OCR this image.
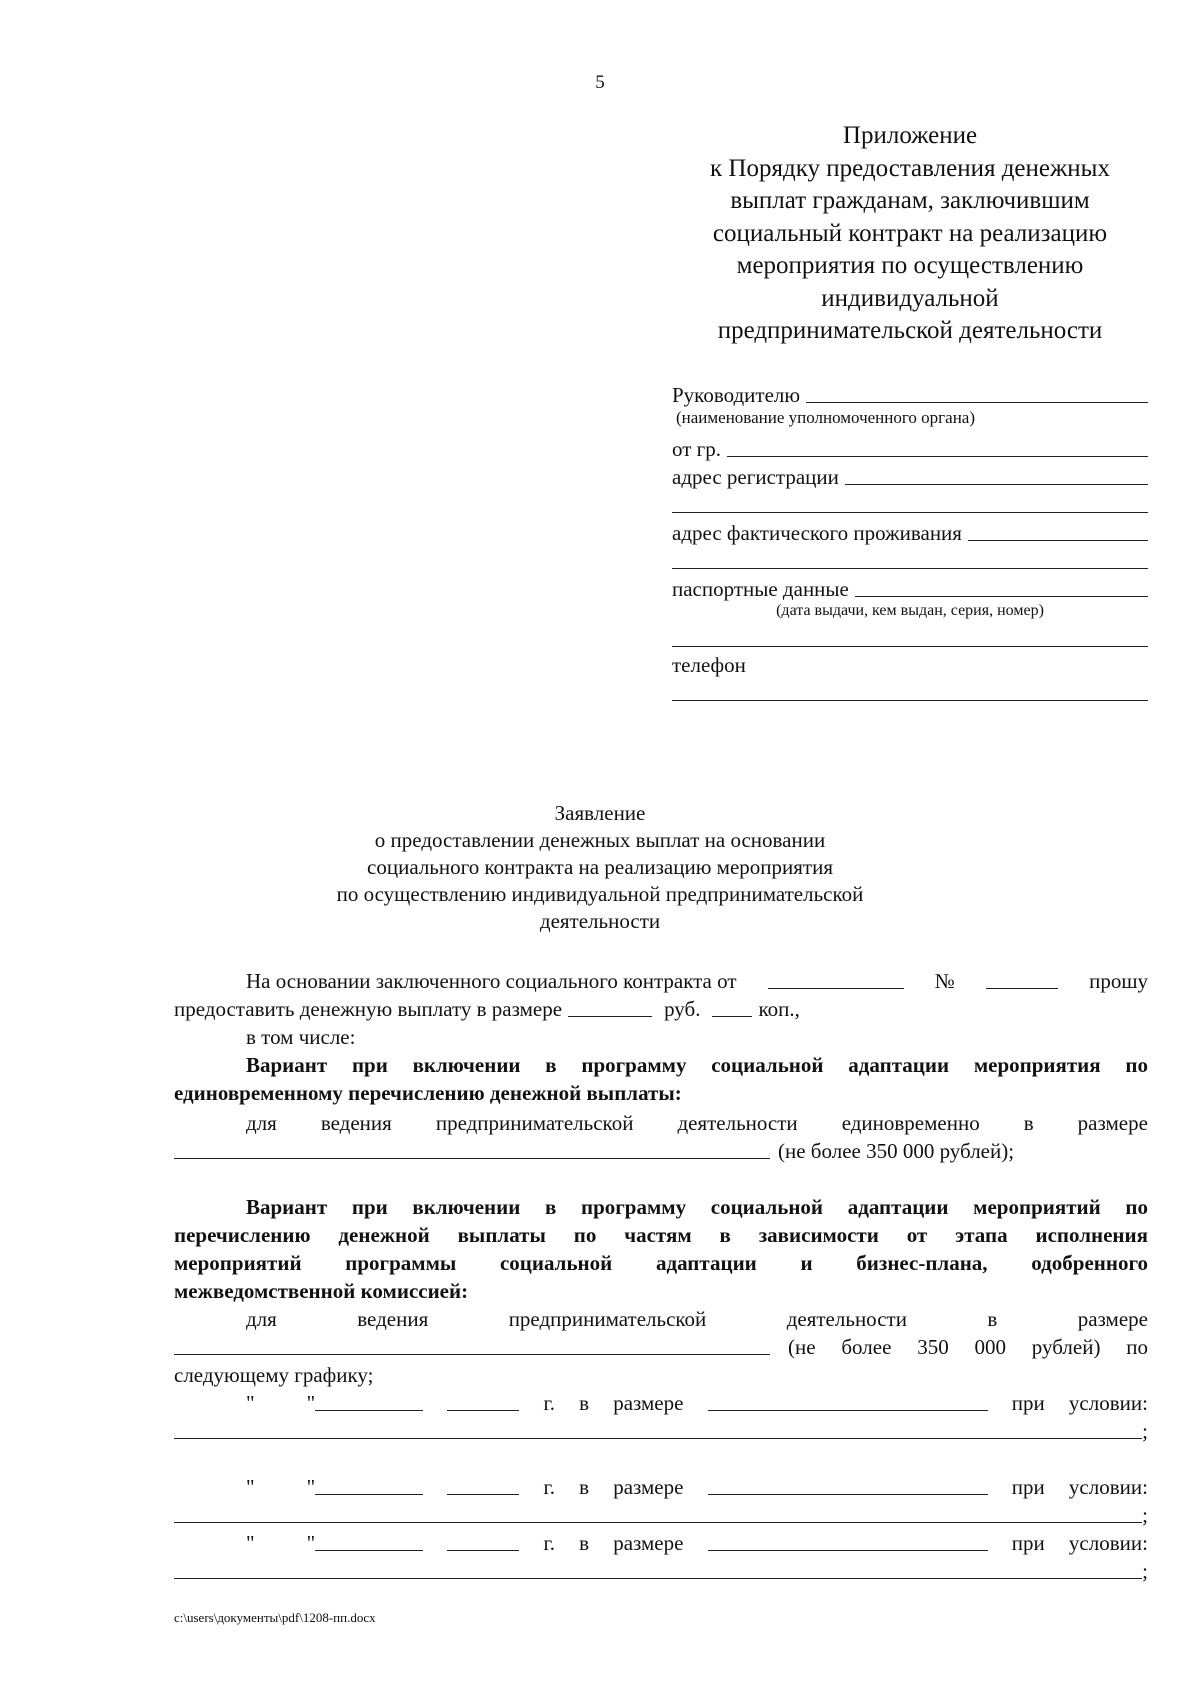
5
Приложение
к Порядку предоставления денежных
выплат гражданам, заключившим
социальный контракт на реализацию
мероприятия по осуществлению
индивидуальной
предпринимательской деятельности
Руководителю
(наименование уполномоченного органа)
от гр.
адрес регистрации
адрес фактического проживания
паспортные данные
(дата выдачи, кем выдан, серия, номер)
телефон
Заявление
о предоставлении денежных выплат на основании
социального контракта на реализацию мероприятия
по осуществлению индивидуальной предпринимательской
деятельности
На основании заключенного социального контракта от	№	прошу
предоставить денежную выплату в размере	руб.	коп.,
в том числе:
Вариант при включении в программу социальной адаптации мероприятия по
единовременному перечислению денежной выплаты:
для ведения предпринимательской деятельности единовременно в размере
(не более 350 000 рублей);
Вариант при включении в программу социальной адаптации мероприятий по
перечислению денежной выплаты по частям в зависимости от этапа исполнения
мероприятий программы социальной адаптации и бизнес-плана, одобренного
межведомственной комиссией:
для	ведения	предпринимательской	деятельности	в	размере
(не более 350 000 рублей) по
следующему графику;
" "	г. в размере	при условии:
;
" "	г. в размере	при условии:
;
" "	г. в размере	при условии:
;
c:\users\документы\pdf\1208-пп.docx
